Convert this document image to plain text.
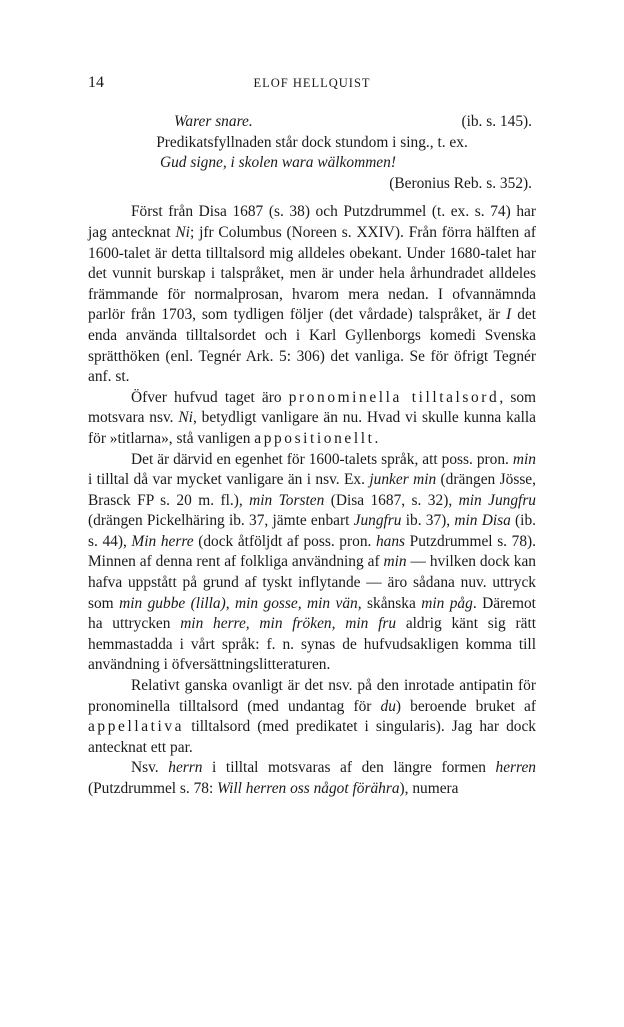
14	ELOF HELLQUIST
Warer snare.	(ib. s. 145).
Predikatsfyllnaden står dock stundom i sing., t. ex.
Gud signe, i skolen wara wälkommen!
(Beronius Reb. s. 352).

Först från Disa 1687 (s. 38) och Putzdrummel (t. ex. s. 74) har jag antecknat Ni; jfr Columbus (Noreen s. XXIV). Från förra hälften af 1600-talet är detta tilltalsord mig alldeles obekant. Under 1680-talet har det vunnit burskap i talspråket, men är under hela århundradet alldeles främmande för normalprosan, hvarom mera nedan. I ofvannämnda parlör från 1703, som tydligen följer (det vårdade) talspråket, är I det enda använda tilltalsordet och i Karl Gyllenborgs komedi Svenska sprätthöken (enl. Tegnér Ark. 5: 306) det vanliga. Se för öfrigt Tegnér anf. st.

Öfver hufvud taget äro pronominella tilltalsord, som motsvara nsv. Ni, betydligt vanligare än nu. Hvad vi skulle kunna kalla för »titlarna», stå vanligen appositionellt.

Det är därvid en egenhet för 1600-talets språk, att poss. pron. min i tilltal då var mycket vanligare än i nsv. Ex. junker min (drängen Jösse, Brasck FP s. 20 m. fl.), min Torsten (Disa 1687, s. 32), min Jungfru (drängen Pickelhäring ib. 37, jämte enbart Jungfru ib. 37), min Disa (ib. s. 44), Min herre (dock åtföljdt af poss. pron. hans Putzdrummel s. 78). Minnen af denna rent af folkliga användning af min — hvilken dock kan hafva uppstått på grund af tyskt inflytande — äro sådana nuv. uttryck som min gubbe (lilla), min gosse, min vän, skånska min påg. Däremot ha uttrycken min herre, min fröken, min fru aldrig känt sig rätt hemmastadda i vårt språk: f. n. synas de hufvudsakligen komma till användning i öfversättningslitteraturen.

Relativt ganska ovanligt är det nsv. på den inrotade antipatin för pronominella tilltalsord (med undantag för du) beroende bruket af appellativa tilltalsord (med predikatet i singularis). Jag har dock antecknat ett par.

Nsv. herrn i tilltal motsvaras af den längre formen herren (Putzdrummel s. 78: Will herren oss något förähra), numera
